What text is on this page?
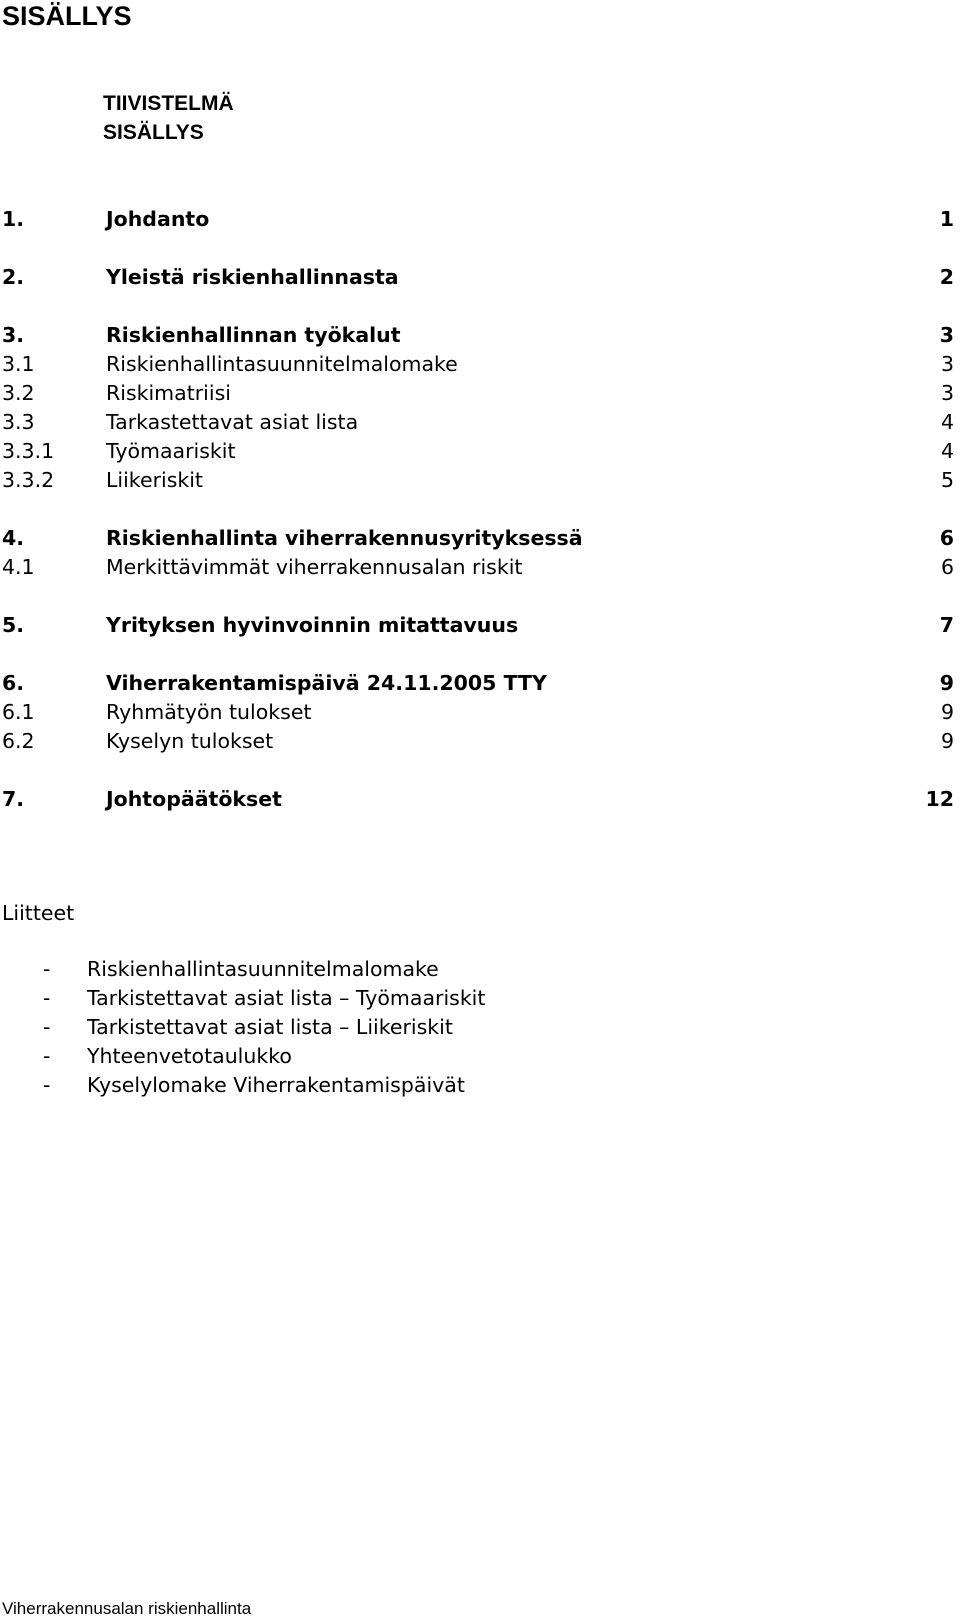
SISÄLLYS
TIIVISTELMÄ
SISÄLLYS
1.	Johdanto	1
2.	Yleistä riskienhallinnasta	2
3.	Riskienhallinnan työkalut	3
3.1	Riskienhallintasuunnitelmalomake	3
3.2	Riskimatriisi	3
3.3	Tarkastettavat asiat lista	4
3.3.1	Työmaariskit	4
3.3.2	Liikeriskit	5
4.	Riskienhallinta viherrakennusyrityksessä	6
4.1	Merkittävimmät viherrakennusalan riskit	6
5.	Yrityksen hyvinvoinnin mitattavuus	7
6.	Viherrakentamispäivä 24.11.2005 TTY	9
6.1	Ryhmätyön tulokset	9
6.2	Kyselyn tulokset	9
7.	Johtopäätökset	12
Liitteet
- Riskienhallintasuunnitelmalomake
- Tarkistettavat asiat lista – Työmaariskit
- Tarkistettavat asiat lista – Liikeriskit
- Yhteenvetotaulukko
- Kyselylomake Viherrakentamispäivät
Viherrakennusalan riskienhallinta
